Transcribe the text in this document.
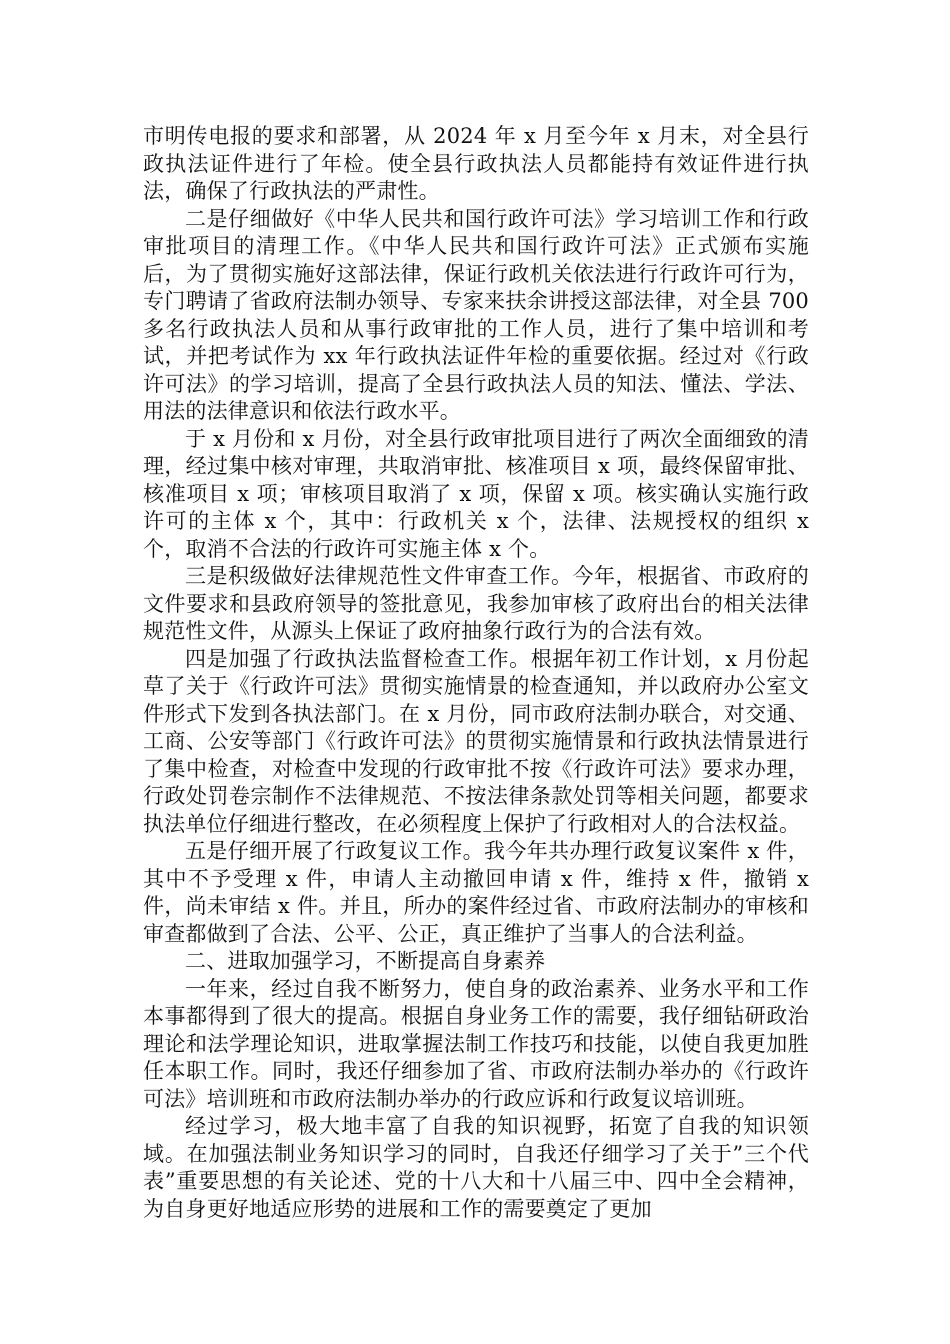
市明传电报的要求和部署，从 2024 年 x 月至今年 x 月末，对全县行政执法证件进行了年检。使全县行政执法人员都能持有效证件进行执法，确保了行政执法的严肃性。

二是仔细做好《中华人民共和国行政许可法》学习培训工作和行政审批项目的清理工作。《中华人民共和国行政许可法》正式颁布实施后，为了贯彻实施好这部法律，保证行政机关依法进行行政许可行为，专门聘请了省政府法制办领导、专家来扶余讲授这部法律，对全县 700 多名行政执法人员和从事行政审批的工作人员，进行了集中培训和考试，并把考试作为 xx 年行政执法证件年检的重要依据。经过对《行政许可法》的学习培训，提高了全县行政执法人员的知法、懂法、学法、用法的法律意识和依法行政水平。

于 x 月份和 x 月份，对全县行政审批项目进行了两次全面细致的清理，经过集中核对审理，共取消审批、核准项目 x 项，最终保留审批、核准项目 x 项；审核项目取消了 x 项，保留 x 项。核实确认实施行政许可的主体 x 个，其中：行政机关 x 个，法律、法规授权的组织 x 个，取消不合法的行政许可实施主体 x 个。

三是积级做好法律规范性文件审查工作。今年，根据省、市政府的文件要求和县政府领导的签批意见，我参加审核了政府出台的相关法律规范性文件，从源头上保证了政府抽象行政行为的合法有效。

四是加强了行政执法监督检查工作。根据年初工作计划，x 月份起草了关于《行政许可法》贯彻实施情景的检查通知，并以政府办公室文件形式下发到各执法部门。在 x 月份，同市政府法制办联合，对交通、工商、公安等部门《行政许可法》的贯彻实施情景和行政执法情景进行了集中检查，对检查中发现的行政审批不按《行政许可法》要求办理，行政处罚卷宗制作不法律规范、不按法律条款处罚等相关问题，都要求执法单位仔细进行整改，在必须程度上保护了行政相对人的合法权益。

五是仔细开展了行政复议工作。我今年共办理行政复议案件 x 件，其中不予受理 x 件，申请人主动撤回申请 x 件，维持 x 件，撤销 x 件，尚未审结 x 件。并且，所办的案件经过省、市政府法制办的审核和审查都做到了合法、公平、公正，真正维护了当事人的合法利益。

二、进取加强学习，不断提高自身素养

一年来，经过自我不断努力，使自身的政治素养、业务水平和工作本事都得到了很大的提高。根据自身业务工作的需要，我仔细钻研政治理论和法学理论知识，进取掌握法制工作技巧和技能，以使自我更加胜任本职工作。同时，我还仔细参加了省、市政府法制办举办的《行政许可法》培训班和市政府法制办举办的行政应诉和行政复议培训班。

经过学习，极大地丰富了自我的知识视野，拓宽了自我的知识领域。在加强法制业务知识学习的同时，自我还仔细学习了关于”三个代表”重要思想的有关论述、党的十八大和十八届三中、四中全会精神，为自身更好地适应形势的进展和工作的需要奠定了更加
